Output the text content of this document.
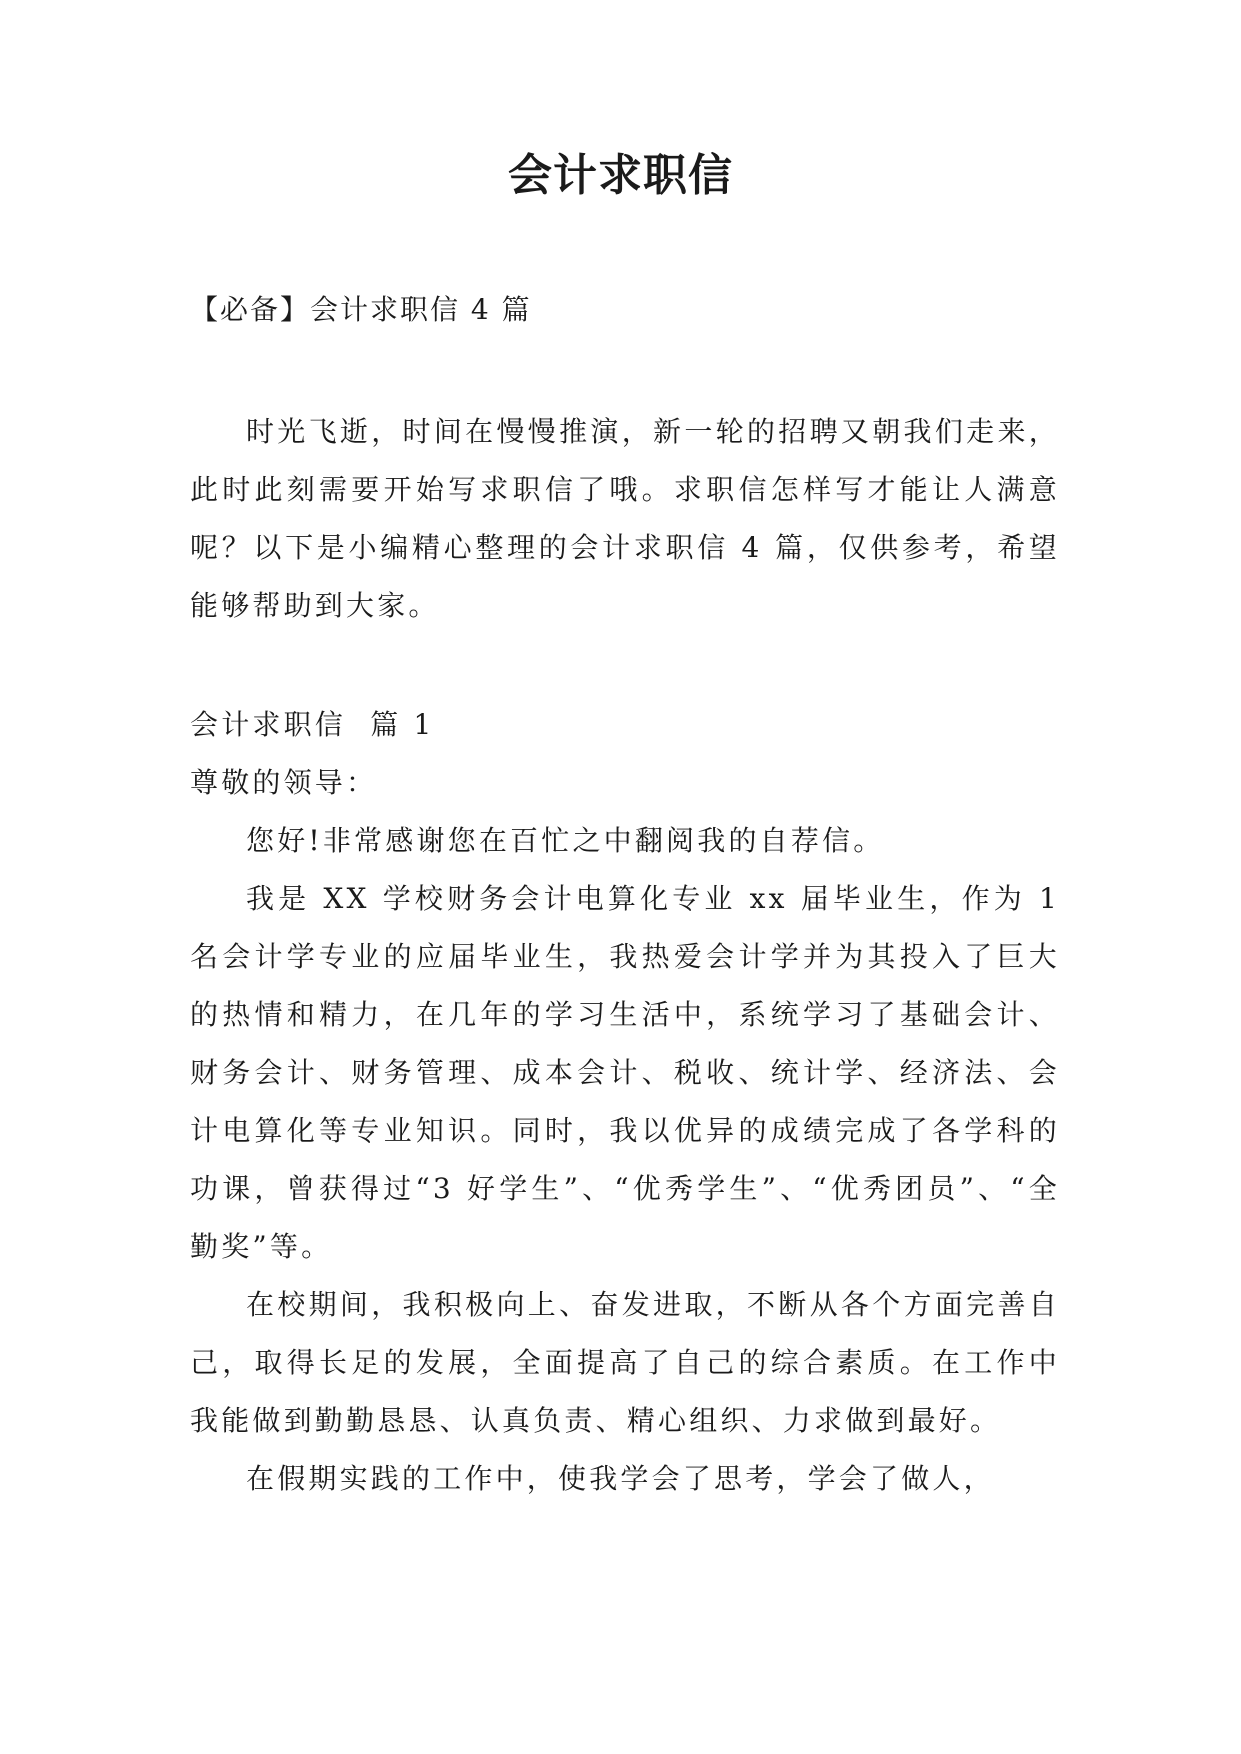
会计求职信

【必备】会计求职信 4 篇

时光飞逝，时间在慢慢推演，新一轮的招聘又朝我们走来，此时此刻需要开始写求职信了哦。求职信怎样写才能让人满意呢？以下是小编精心整理的会计求职信 4 篇，仅供参考，希望能够帮助到大家。

会计求职信  篇 1

尊敬的领导：

您好!非常感谢您在百忙之中翻阅我的自荐信。

我是 XX 学校财务会计电算化专业 xx 届毕业生，作为 1 名会计学专业的应届毕业生，我热爱会计学并为其投入了巨大的热情和精力，在几年的学习生活中，系统学习了基础会计、财务会计、财务管理、成本会计、税收、统计学、经济法、会计电算化等专业知识。同时，我以优异的成绩完成了各学科的功课，曾获得过“3 好学生”、“优秀学生”、“优秀团员”、“全勤奖”等。

在校期间，我积极向上、奋发进取，不断从各个方面完善自己，取得长足的发展，全面提高了自己的综合素质。在工作中我能做到勤勤恳恳、认真负责、精心组织、力求做到最好。

在假期实践的工作中，使我学会了思考，学会了做人，
